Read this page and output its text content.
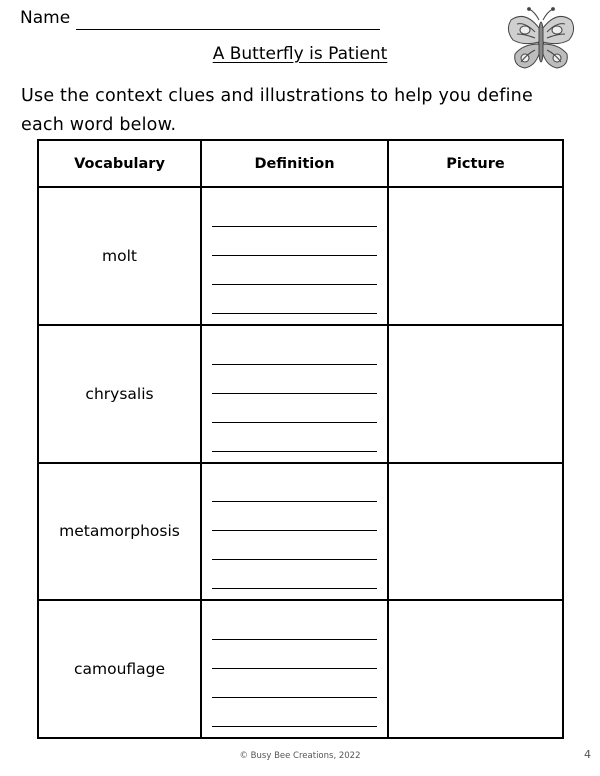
Name
A Butterfly is Patient
Use the context clues and illustrations to help you define each word below.
Vocabulary	Definition	Picture
molt	

chrysalis	

metamorphosis	

camouflage	

© Busy Bee Creations, 2022	4
